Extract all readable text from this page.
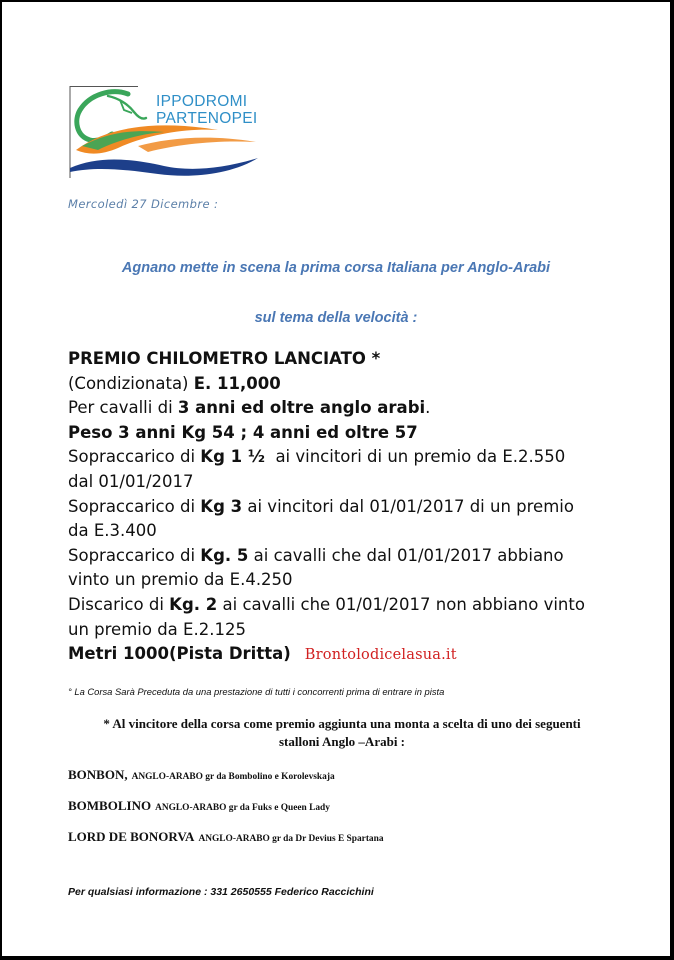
IPPODROMI
PARTENOPEI
Mercoledì 27 Dicembre :
Agnano mette in scena la prima corsa Italiana per Anglo-Arabi
sul tema della velocità :

PREMIO CHILOMETRO LANCIATO *

(Condizionata) E. 11,000

Per cavalli di 3 anni ed oltre anglo arabi.

Peso 3 anni Kg 54 ; 4 anni ed oltre 57

Sopraccarico di Kg 1 ½ ai vincitori di un premio da E.2.550

dal 01/01/2017

Sopraccarico di Kg 3 ai vincitori dal 01/01/2017 di un premio

da E.3.400

Sopraccarico di Kg. 5 ai cavalli che dal 01/01/2017 abbiano

vinto un premio da E.4.250

Discarico di Kg. 2 ai cavalli che 01/01/2017 non abbiano vinto

un premio da E.2.125

Metri 1000(Pista Dritta) Brontolodicelasua.it

° La Corsa Sarà Preceduta da una prestazione di tutti i concorrenti prima di entrare in pista
* Al vincitore della corsa come premio aggiunta una monta a scelta di uno dei seguenti
stalloni Anglo –Arabi :
BONBON, ANGLO-ARABO gr da Bombolino e Korolevskaja
BOMBOLINO ANGLO-ARABO gr da Fuks e Queen Lady
LORD DE BONORVA ANGLO-ARABO gr da Dr Devius E Spartana
Per qualsiasi informazione : 331 2650555 Federico Raccichini
